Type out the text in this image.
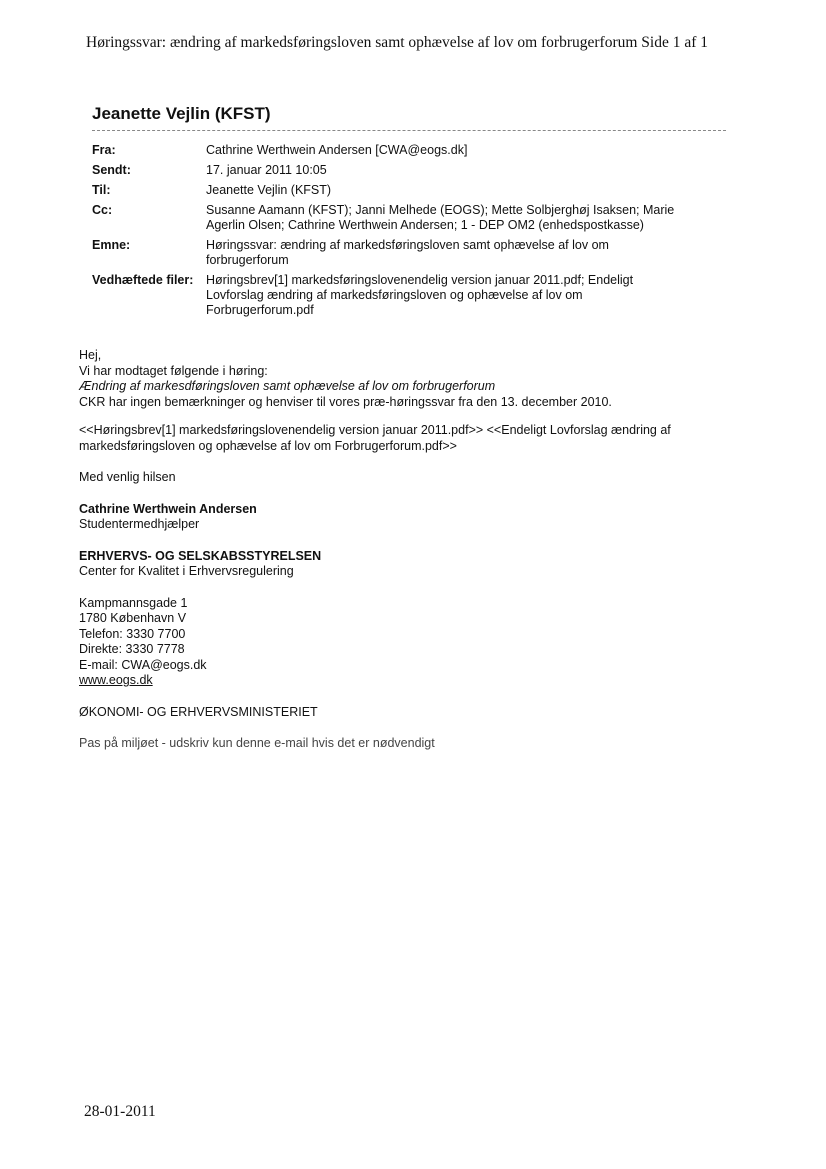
Høringssvar: ændring af markedsføringsloven samt ophævelse af lov om forbrugerforum Side 1 af 1
Jeanette Vejlin (KFST)
Fra:	Cathrine Werthwein Andersen [CWA@eogs.dk]
Sendt:	17. januar 2011 10:05
Til:	Jeanette Vejlin (KFST)
Cc:	Susanne Aamann (KFST); Janni Melhede (EOGS); Mette Solbjerghøj Isaksen; Marie
Agerlin Olsen; Cathrine Werthwein Andersen; 1 - DEP OM2 (enhedspostkasse)

Emne:	Høringssvar: ændring af markedsføringsloven samt ophævelse af lov om
forbrugerforum

Vedhæftede filer:	Høringsbrev[1] markedsføringslovenendelig version januar 2011.pdf; Endeligt
Lovforslag ændring af markedsføringsloven og ophævelse af lov om
Forbrugerforum.pdf

Hej,

Vi har modtaget følgende i høring:

Ændring af markesdføringsloven samt ophævelse af lov om forbrugerforum

CKR har ingen bemærkninger og henviser til vores præ-høringssvar fra den 13. december 2010.

<<Høringsbrev[1] markedsføringslovenendelig version januar 2011.pdf>> <<Endeligt Lovforslag ændring af

markedsføringsloven og ophævelse af lov om Forbrugerforum.pdf>>

Med venlig hilsen

Cathrine Werthwein Andersen

Studentermedhjælper

ERHVERVS- OG SELSKABSSTYRELSEN

Center for Kvalitet i Erhvervsregulering

Kampmannsgade 1

1780 København V

Telefon: 3330 7700

Direkte: 3330 7778

E-mail: CWA@eogs.dk

www.eogs.dk

ØKONOMI- OG ERHVERVSMINISTERIET

Pas på miljøet - udskriv kun denne e-mail hvis det er nødvendigt

28-01-2011
